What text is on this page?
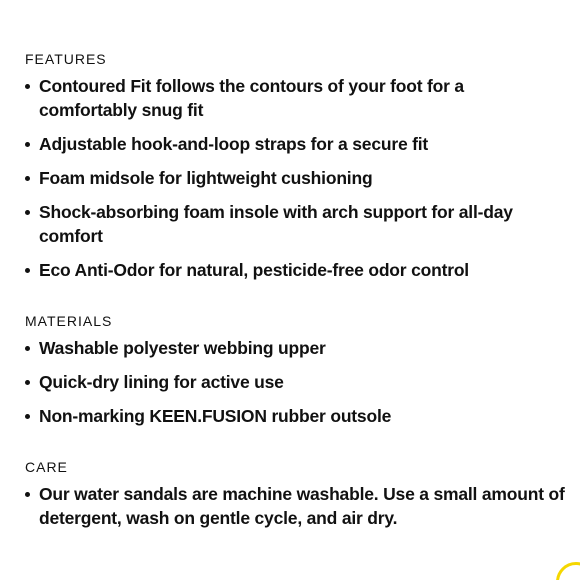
FEATURES
Contoured Fit follows the contours of your foot for a comfortably snug fit
Adjustable hook-and-loop straps for a secure fit
Foam midsole for lightweight cushioning
Shock-absorbing foam insole with arch support for all-day comfort
Eco Anti-Odor for natural, pesticide-free odor control
MATERIALS
Washable polyester webbing upper
Quick-dry lining for active use
Non-marking KEEN.FUSION rubber outsole
CARE
Our water sandals are machine washable. Use a small amount of detergent, wash on gentle cycle, and air dry.
